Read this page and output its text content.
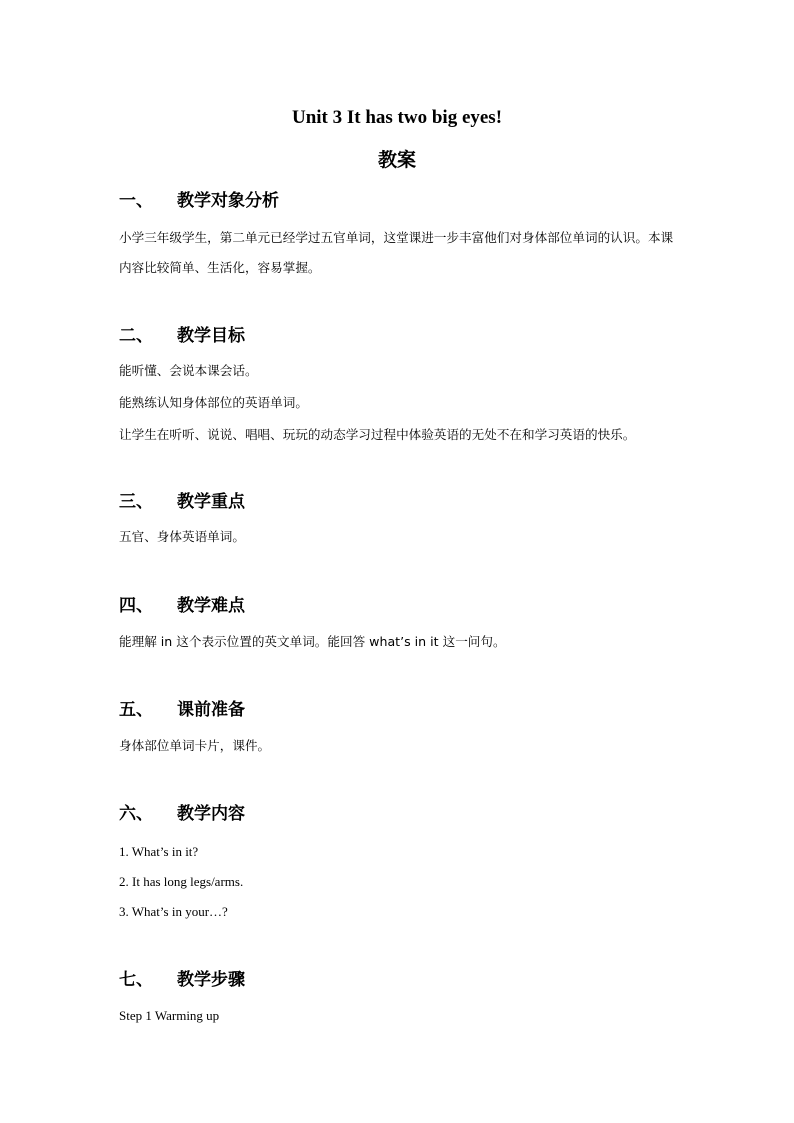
Unit 3 It has two big eyes!
教案
一、 教学对象分析
小学三年级学生，第二单元已经学过五官单词，这堂课进一步丰富他们对身体部位单词的认识。本课内容比较简单、生活化，容易掌握。
二、 教学目标
能听懂、会说本课会话。
能熟练认知身体部位的英语单词。
让学生在听听、说说、唱唱、玩玩的动态学习过程中体验英语的无处不在和学习英语的快乐。
三、 教学重点
五官、身体英语单词。
四、 教学难点
能理解 in 这个表示位置的英文单词。能回答 what’s in it 这一问句。
五、 课前准备
身体部位单词卡片，课件。
六、 教学内容
1. What’s in it?
2. It has long legs/arms.
3. What’s in your…?
七、 教学步骤
Step 1 Warming up
